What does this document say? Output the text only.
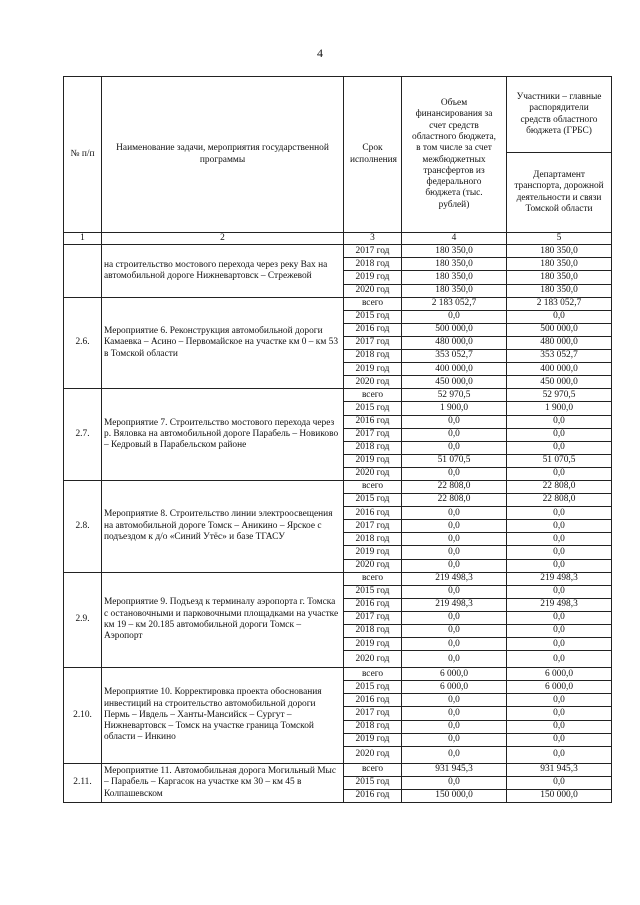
4
№ п/п	Наименование задачи, мероприятия государственной программы	Срок исполнения	Объем финансирования за счет средств областного бюджета, в том числе за счет межбюджетных трансфертов из федерального бюджета (тыс. рублей)	Участники – главные распорядители средств областного бюджета (ГРБС)
				Департамент транспорта, дорожной деятельности и связи Томской области
1	2	3	4	5
	на строительство мостового перехода через реку Вах на автомобильной дороге Нижневартовск – Стрежевой	2017 год	180 350,0	180 350,0
		2018 год	180 350,0	180 350,0
		2019 год	180 350,0	180 350,0
		2020 год	180 350,0	180 350,0
2.6.	Мероприятие 6. Реконструкция автомобильной дороги Камаевка – Асино – Первомайское на участке км 0 – км 53 в Томской области	всего	2 183 052,7	2 183 052,7
		2015 год	0,0	0,0
		2016 год	500 000,0	500 000,0
		2017 год	480 000,0	480 000,0
		2018 год	353 052,7	353 052,7
		2019 год	400 000,0	400 000,0
		2020 год	450 000,0	450 000,0
2.7.	Мероприятие 7. Строительство мостового перехода через р. Вяловка на автомобильной дороге Парабель – Новиково – Кедровый в Парабельском районе	всего	52 970,5	52 970,5
		2015 год	1 900,0	1 900,0
		2016 год	0,0	0,0
		2017 год	0,0	0,0
		2018 год	0,0	0,0
		2019 год	51 070,5	51 070,5
		2020 год	0,0	0,0
2.8.	Мероприятие 8. Строительство линии электроосвещения на автомобильной дороге Томск – Аникино – Ярское с подъездом к д/о «Синий Утёс» и базе ТГАСУ	всего	22 808,0	22 808,0
		2015 год	22 808,0	22 808,0
		2016 год	0,0	0,0
		2017 год	0,0	0,0
		2018 год	0,0	0,0
		2019 год	0,0	0,0
		2020 год	0,0	0,0
2.9.	Мероприятие 9. Подъезд к терминалу аэропорта г. Томска с остановочными и парковочными площадками на участке км 19 – км 20.185 автомобильной дороги Томск – Аэропорт	всего	219 498,3	219 498,3
		2015 год	0,0	0,0
		2016 год	219 498,3	219 498,3
		2017 год	0,0	0,0
		2018 год	0,0	0,0
		2019 год	0,0	0,0
		2020 год	0,0	0,0
2.10.	Мероприятие 10. Корректировка проекта обоснования инвестиций на строительство автомобильной дороги Пермь – Ивдель – Ханты-Мансийск – Сургут – Нижневартовск – Томск на участке граница Томской области – Инкино	всего	6 000,0	6 000,0
		2015 год	6 000,0	6 000,0
		2016 год	0,0	0,0
		2017 год	0,0	0,0
		2018 год	0,0	0,0
		2019 год	0,0	0,0
		2020 год	0,0	0,0
2.11.	Мероприятие 11. Автомобильная дорога Могильный Мыс – Парабель – Каргасок на участке км 30 – км 45 в Колпашевском	всего	931 945,3	931 945,3
		2015 год	0,0	0,0
		2016 год	150 000,0	150 000,0
